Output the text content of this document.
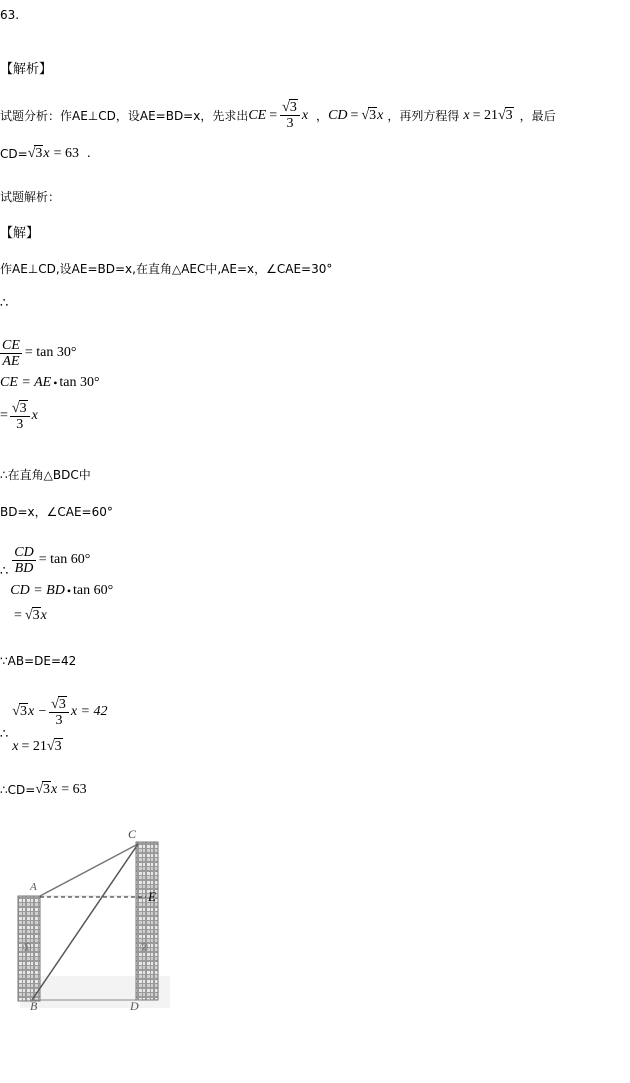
63.
【解析】
试题分析：作AE⊥CD，设AE=BD=x，先求出 CE = $\frac{√3}{3}$ x ， CD = √3 x ，再列方程得 x = 21 √3 ，最后
CD= √3 x = 63 .
试题解析：
【解】
作AE⊥CD,设AE=BD=x,在直角△AEC中,AE=x，∠CAE=30°
∴
$\frac{CE}{AE} = \tan 30^\circ$
CE = AE • tan 30°
= $\frac{√3}{3}$ x
∴在直角△BDC中
BD=x，∠CAE=60°
∴ $\frac{CD}{BD} = \tan 60^\circ$
CD = BD • tan 60°
= √3 x
∵AB=DE=42
∴
√3 $x - \frac{√3}{3}$ x = 42
x = 21 √3
∴CD= √3 x = 63
C
E
A
B	D
①	②
